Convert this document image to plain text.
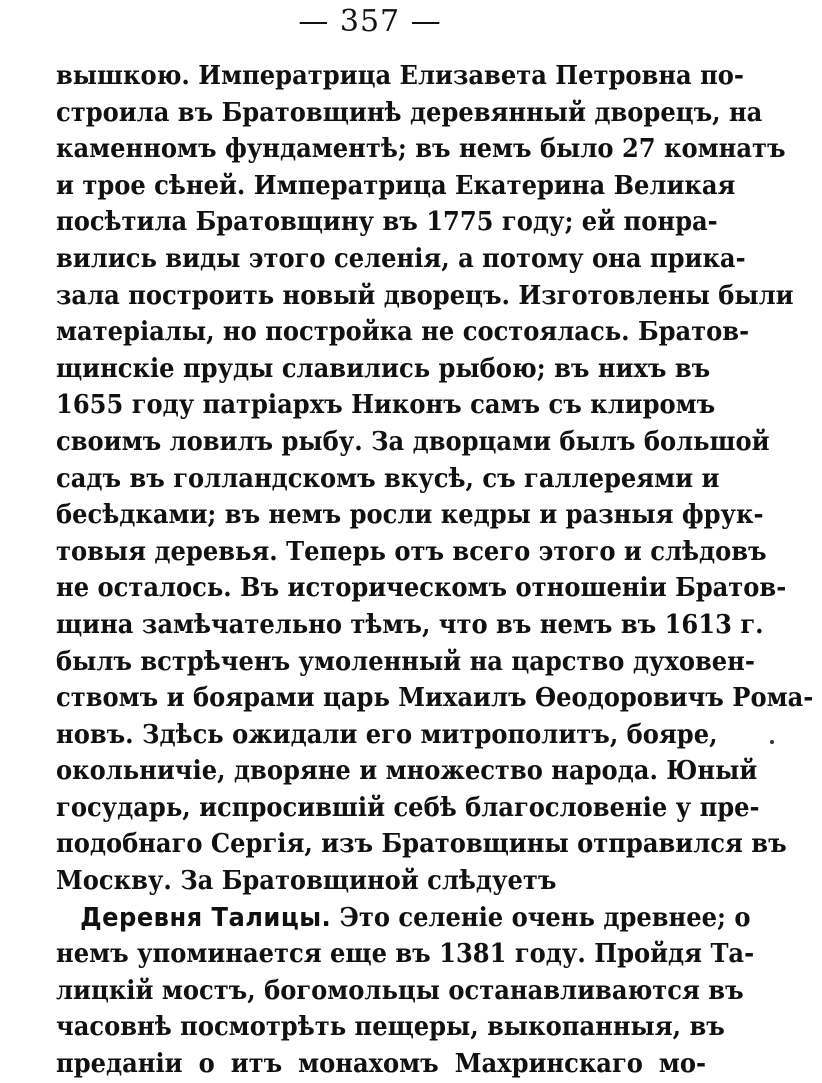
— 357 —
вышкою. Императрица Елизавета Петровна по-
строила въ Братовщинѣ деревянный дворецъ, на
каменномъ фундаментѣ; въ немъ было 27 комнатъ
и трое сѣней. Императрица Екатерина Великая
посѣтила Братовщину въ 1775 году; ей понра-
вились виды этого селенія, а потому она прика-
зала построить новый дворецъ. Изготовлены были
матеріалы, но постройка не состоялась. Братов-
щинскіе пруды славились рыбою; въ нихъ въ
1655 году патріархъ Никонъ самъ съ клиромъ
своимъ ловилъ рыбу. За дворцами былъ большой
садъ въ голландскомъ вкусѣ, съ галлереями и
бесѣдками; въ немъ росли кедры и разныя фрук-
товыя деревья. Теперь отъ всего этого и слѣдовъ
не осталось. Въ историческомъ отношеніи Братов-
щина замѣчательно тѣмъ, что въ немъ въ 1613 г.
былъ встрѣченъ умоленный на царство духовен-
ствомъ и боярами царь Михаилъ Ѳеодоровичъ Рома-
новъ. Здѣсь ожидали его митрополитъ, бояре,
окольничіе, дворяне и множество народа. Юный
государь, испросившій себѣ благословеніе у пре-
подобнаго Сергія, изъ Братовщины отправился въ
Москву. За Братовщиной слѣдуетъ
Деревня Талицы. Это селеніе очень древнее; о
немъ упоминается еще въ 1381 году. Пройдя Та-
лицкій мостъ, богомольцы останавливаются въ
часовнѣ посмотрѣть пещеры, выкопанныя, въ
преданіи о итъ монахомъ Махринскаго мо-
